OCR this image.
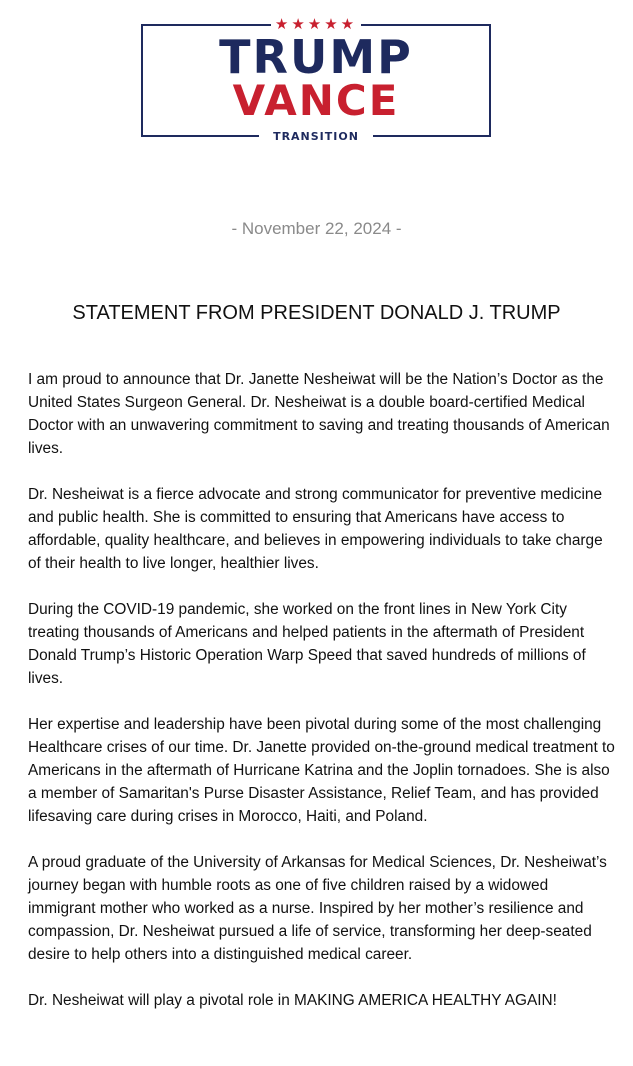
★★★★★
TRUMP
VANCE
TRANSITION
- November 22, 2024 -
STATEMENT FROM PRESIDENT DONALD J. TRUMP

I am proud to announce that Dr. Janette Nesheiwat will be the Nation’s Doctor as the United States Surgeon General. Dr. Nesheiwat is a double board-certified Medical Doctor with an unwavering commitment to saving and treating thousands of American lives.

Dr. Nesheiwat is a fierce advocate and strong communicator for preventive medicine and public health. She is committed to ensuring that Americans have access to affordable, quality healthcare, and believes in empowering individuals to take charge of their health to live longer, healthier lives.

During the COVID-19 pandemic, she worked on the front lines in New York City treating thousands of Americans and helped patients in the aftermath of President Donald Trump’s Historic Operation Warp Speed that saved hundreds of millions of lives.

Her expertise and leadership have been pivotal during some of the most challenging Healthcare crises of our time. Dr. Janette provided on-the-ground medical treatment to Americans in the aftermath of Hurricane Katrina and the Joplin tornadoes. She is also a member of Samaritan's Purse Disaster Assistance, Relief Team, and has provided lifesaving care during crises in Morocco, Haiti, and Poland.

A proud graduate of the University of Arkansas for Medical Sciences, Dr. Nesheiwat’s journey began with humble roots as one of five children raised by a widowed immigrant mother who worked as a nurse. Inspired by her mother’s resilience and compassion, Dr. Nesheiwat pursued a life of service, transforming her deep-seated desire to help others into a distinguished medical career.

Dr. Nesheiwat will play a pivotal role in MAKING AMERICA HEALTHY AGAIN!
